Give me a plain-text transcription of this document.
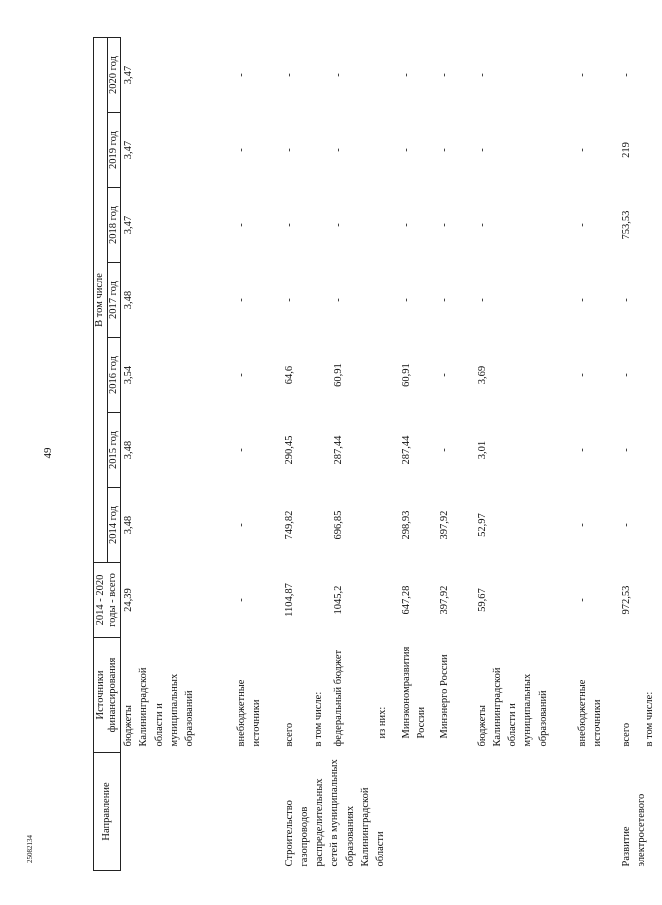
49
25082134
Направление	Источники финансирования	2014 - 2020 годы - всего	В том числе						
			2014 год	2015 год	2016 год	2017 год	2018 год	2019 год	2020 год
	бюджеты Калининградской области и муниципальных образований	24,39	3,48	3,48	3,54	3,48	3,47	3,47	3,47
	внебюджетные источники	-	-	-	-	-	-	-	-
Строительство газопроводов распределительных сетей в муниципальных образованиях Калининградской области	всего	1104,87	749,82	290,45	64,6	-	-	-	-
	в том числе:								
	федеральный бюджет	1045,2	696,85	287,44	60,91	-	-	-	-
	из них:								
	Минэкономразвития России	647,28	298,93	287,44	60,91	-	-	-	-
	Минэнерго России	397,92	397,92	-	-	-	-	-	-
	бюджеты Калининградской области и муниципальных образований	59,67	52,97	3,01	3,69	-	-	-	-
	внебюджетные источники	-	-	-	-	-	-	-	-
Развитие электросетевого	всего	972,53	-	-	-	-	753,53	219	-
	в том числе:								
